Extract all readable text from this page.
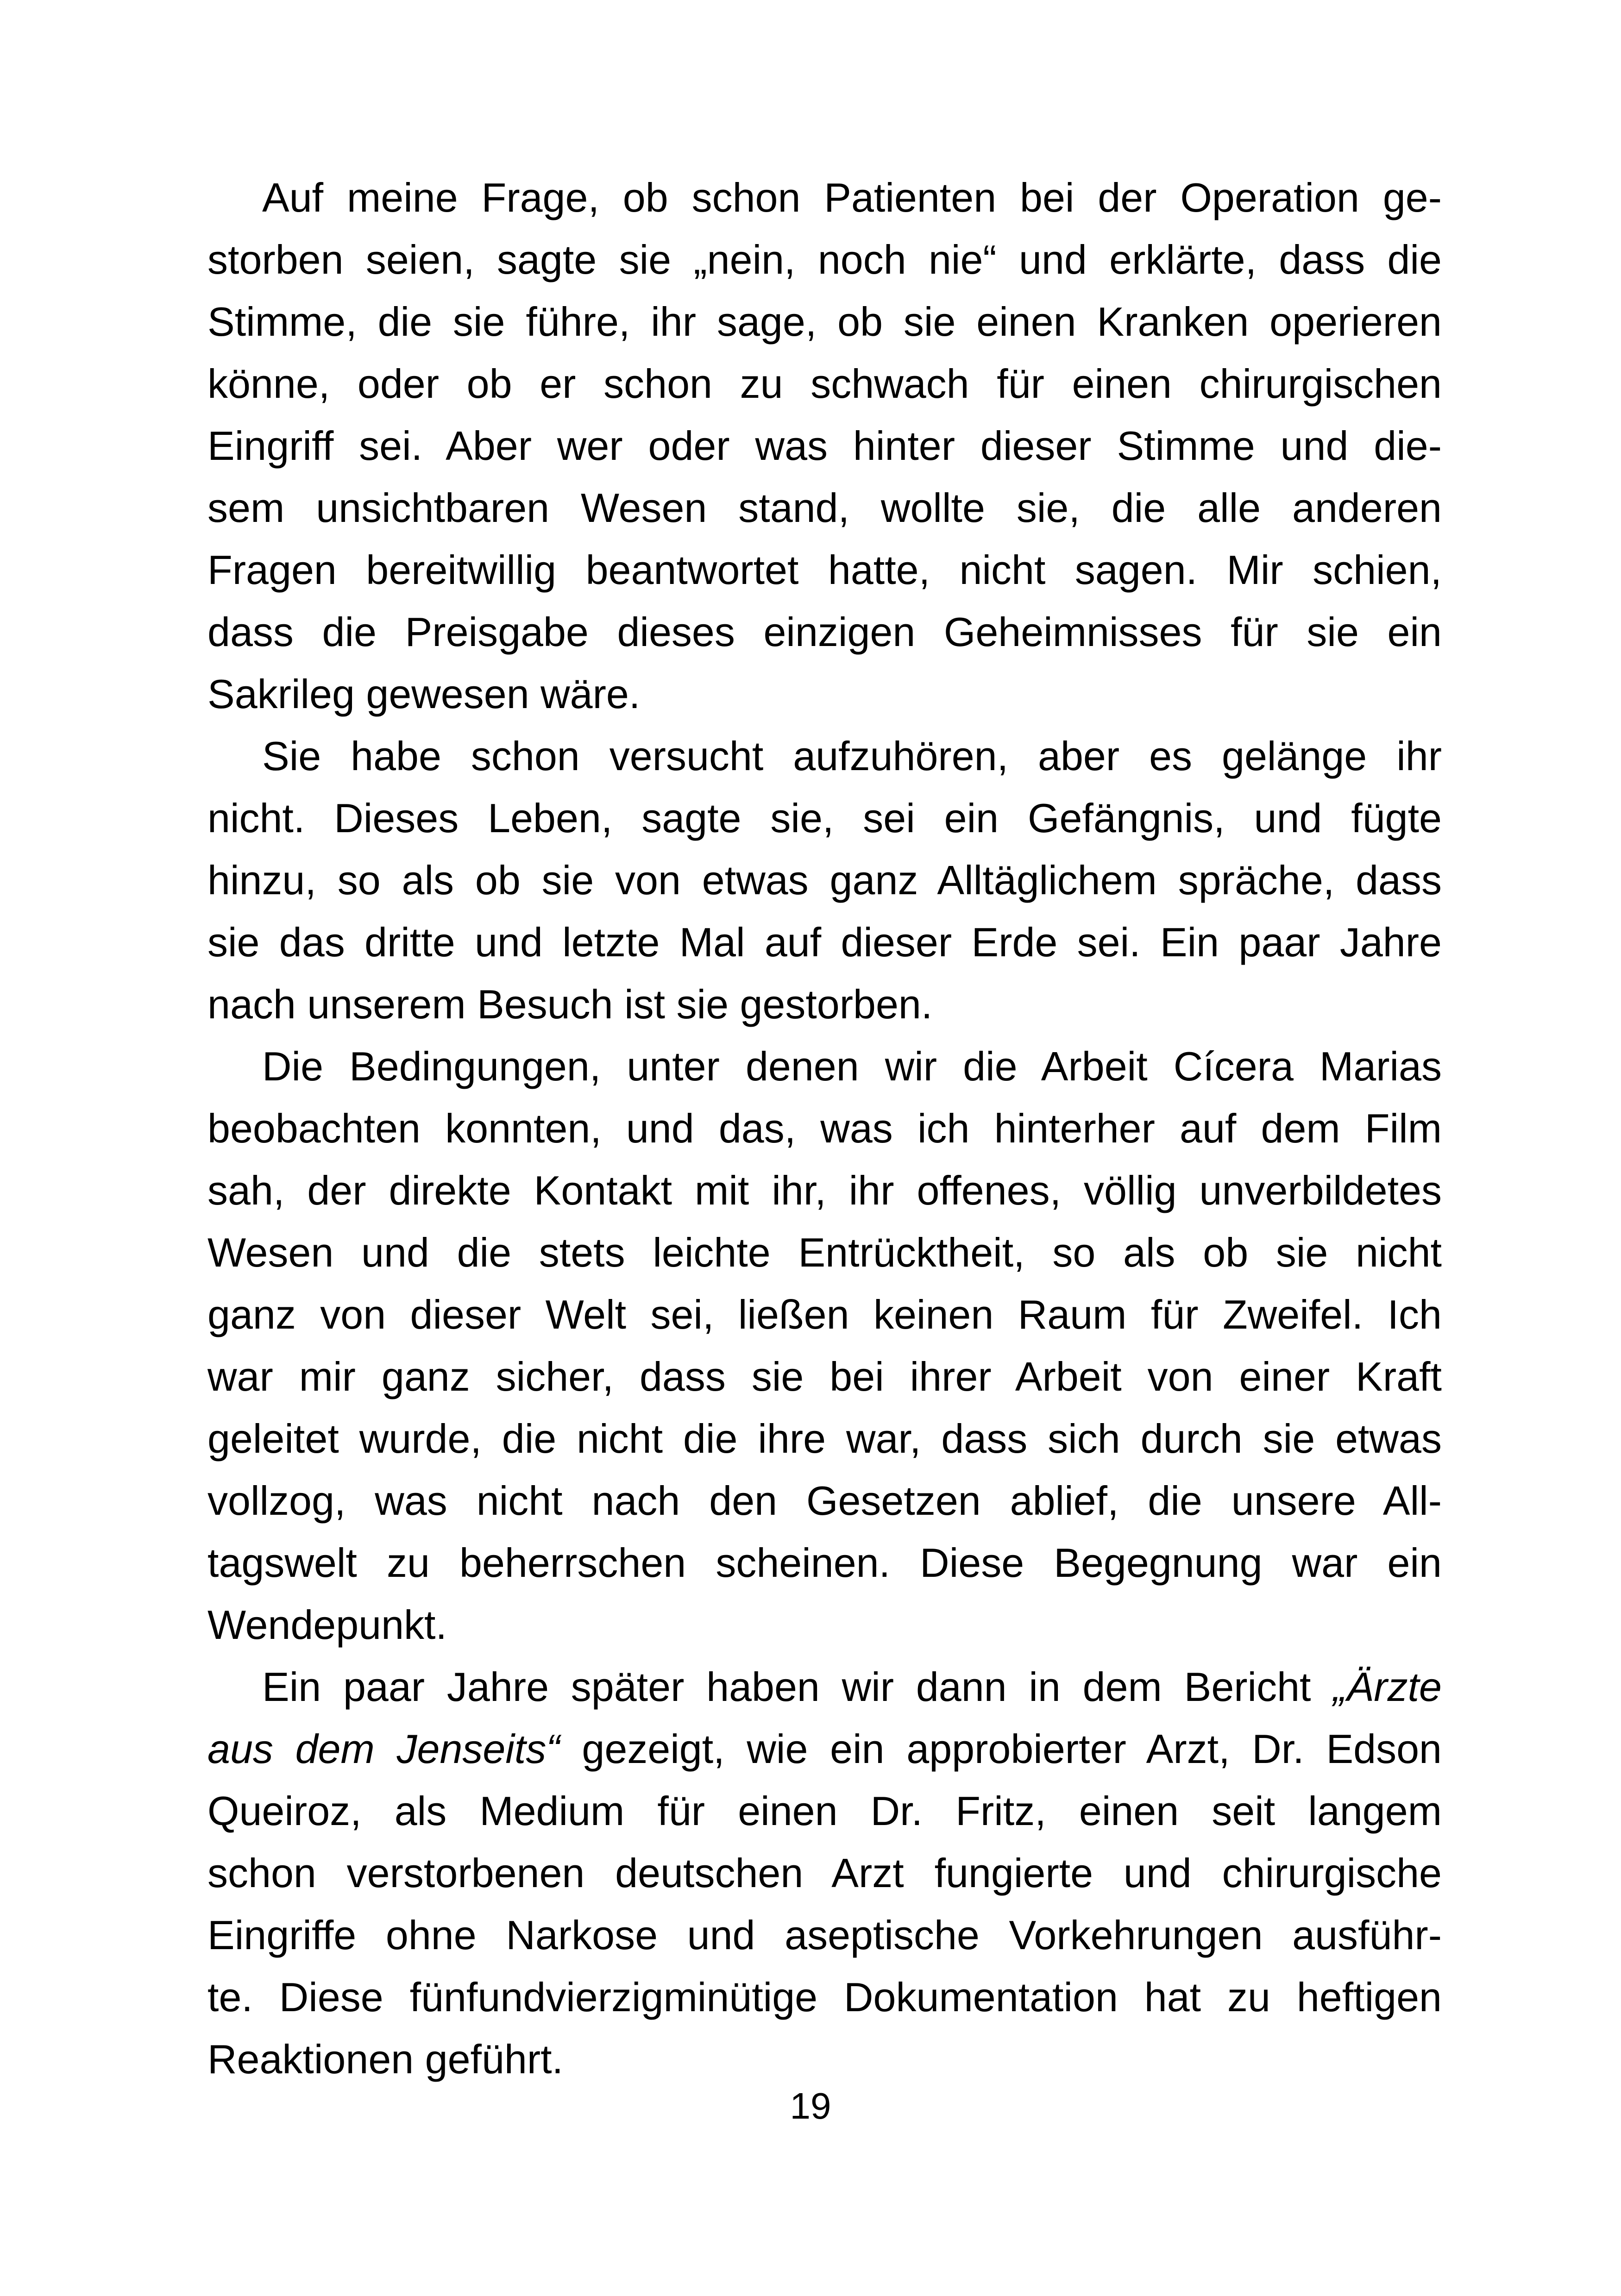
Auf meine Frage, ob schon Patienten bei der Operation ge-
storben seien, sagte sie „nein, noch nie“ und erklärte, dass die
Stimme, die sie führe, ihr sage, ob sie einen Kranken operieren
könne, oder ob er schon zu schwach für einen chirurgischen
Eingriff sei. Aber wer oder was hinter dieser Stimme und die-
sem unsichtbaren Wesen stand, wollte sie, die alle anderen
Fragen bereitwillig beantwortet hatte, nicht sagen. Mir schien,
dass die Preisgabe dieses einzigen Geheimnisses für sie ein
Sakrileg gewesen wäre.
Sie habe schon versucht aufzuhören, aber es gelänge ihr
nicht. Dieses Leben, sagte sie, sei ein Gefängnis, und fügte
hinzu, so als ob sie von etwas ganz Alltäglichem spräche, dass
sie das dritte und letzte Mal auf dieser Erde sei. Ein paar Jahre
nach unserem Besuch ist sie gestorben.
Die Bedingungen, unter denen wir die Arbeit Cícera Marias
beobachten konnten, und das, was ich hinterher auf dem Film
sah, der direkte Kontakt mit ihr, ihr offenes, völlig unverbildetes
Wesen und die stets leichte Entrücktheit, so als ob sie nicht
ganz von dieser Welt sei, ließen keinen Raum für Zweifel. Ich
war mir ganz sicher, dass sie bei ihrer Arbeit von einer Kraft
geleitet wurde, die nicht die ihre war, dass sich durch sie etwas
vollzog, was nicht nach den Gesetzen ablief, die unsere All-
tagswelt zu beherrschen scheinen. Diese Begegnung war ein
Wendepunkt.
Ein paar Jahre später haben wir dann in dem Bericht „Ärzte
aus dem Jenseits“ gezeigt, wie ein approbierter Arzt, Dr. Edson
Queiroz, als Medium für einen Dr. Fritz, einen seit langem
schon verstorbenen deutschen Arzt fungierte und chirurgische
Eingriffe ohne Narkose und aseptische Vorkehrungen ausführ-
te. Diese fünfundvierzigminütige Dokumentation hat zu heftigen
Reaktionen geführt.
19
